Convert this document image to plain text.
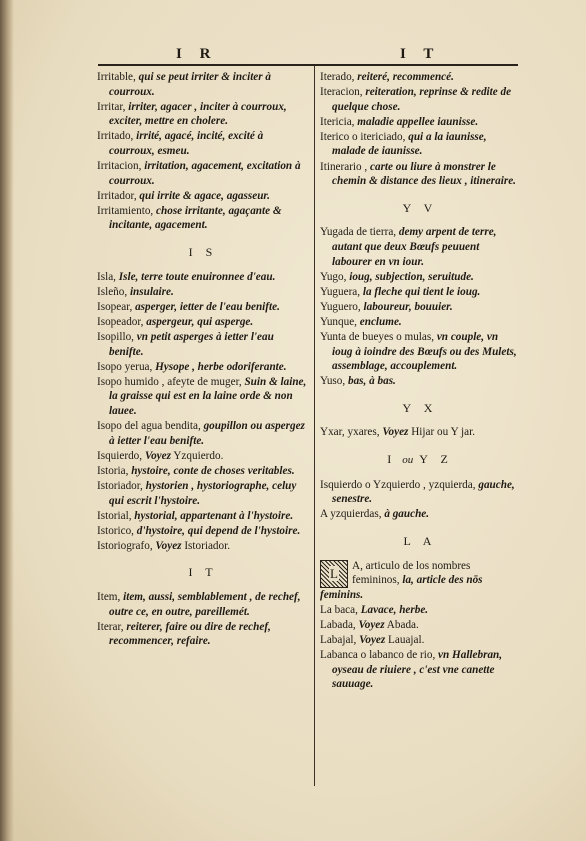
I R	I T
Irritable, qui se peut irriter & inciter à courroux.
Irritar, irriter, agacer , inciter à courroux, exciter, mettre en cholere.
Irritado, irrité, agacé, incité, excité à courroux, esmeu.
Irritacion, irritation, agacement, excitation à courroux.
Irritador, qui irrite & agace, agasseur.
Irritamiento, chose irritante, agaçante & incitante, agacement.
I S
Isla, Isle, terre toute enuironnee d'eau.
Isleño, insulaire.
Isopear, asperger, ietter de l'eau benifte.
Isopeador, aspergeur, qui asperge.
Isopillo, vn petit asperges à ietter l'eau benifte.
Isopo yerua, Hysope , herbe odoriferante.
Isopo humido , afeyte de muger, Suin & laine, la graisse qui est en la laine orde & non lauee.
Isopo del agua bendita, goupillon ou aspergez à ietter l'eau benifte.
Isquierdo, Voyez Yzquierdo.
Istoria, hystoire, conte de choses veritables.
Istoriador, hystorien , hystoriographe, celuy qui escrit l'hystoire.
Istorial, hystorial, appartenant à l'hystoire.
Istorico, d'hystoire, qui depend de l'hystoire.
Istoriografo, Voyez Istoriador.
I T
Item, item, aussi, semblablement , de rechef, outre ce, en outre, pareillemét.
Iterar, reiterer, faire ou dire de rechef, recommencer, refaire.
Iterado, reiteré, recommencé.
Iteracion, reiteration, reprinse & redite de quelque chose.
Itericia, maladie appellee iaunisse.
Iterico o itericiado, qui a la iaunisse, malade de iaunisse.
Itinerario , carte ou liure à monstrer le chemin & distance des lieux , itineraire.
Y V
Yugada de tierra, demy arpent de terre, autant que deux Bœufs peuuent labourer en vn iour.
Yugo, ioug, subjection, seruitude.
Yuguera, la fleche qui tient le ioug.
Yuguero, laboureur, bouuier.
Yunque, enclume.
Yunta de bueyes o mulas, vn couple, vn ioug à ioindre des Bœufs ou des Mulets, assemblage, accouplement.
Yuso, bas, à bas.
Y X
Yxar, yxares, Voyez Hijar ou Y jar.
I ou Y Z
Isquierdo o Yzquierdo , yzquierda, gauche, senestre.
A yzquierdas, à gauche.
L A
L	A, articulo de los nombres femininos, la, article des nōs feminins.
La baca, Lavace, herbe.
Labada, Voyez Abada.
Labajal, Voyez Lauajal.
Labanca o labanco de rio, vn Hallebran, oyseau de riuiere , c'est vne canette sauuage.
